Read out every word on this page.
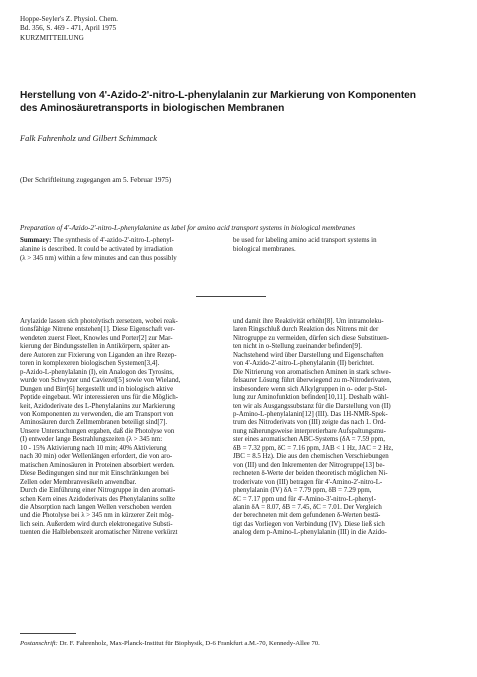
Hoppe-Seyler's Z. Physiol. Chem.
Bd. 356, S. 469 - 471, April 1975
KURZMITTEILUNG
Herstellung von 4'-Azido-2'-nitro-L-phenylalanin zur Markierung von Komponenten
des Aminosäuretransports in biologischen Membranen
Falk Fahrenholz und Gilbert Schimmack
(Der Schriftleitung zugegangen am 5. Februar 1975)
Preparation of 4'-Azido-2'-nitro-L-phenylalanine as label for amino acid transport systems in biological membranes
Summary: The synthesis of 4'-azido-2'-nitro-L-phenyl-
alanine is described. It could be activated by irradiation
(λ > 345 nm) within a few minutes and can thus possibly
be used for labeling amino acid transport systems in
biological membranes.
Arylazide lassen sich photolytisch zersetzen, wobei reak-
tionsfähige Nitrene entstehen[1]. Diese Eigenschaft ver-
wendeten zuerst Fleet, Knowles und Porter[2] zur Mar-
kierung der Bindungsstellen in Antikörpern, später an-
dere Autoren zur Fixierung von Liganden an ihre Rezep-
toren in komplexeren biologischen Systemen[3,4].
p-Azido-L-phenylalanin (I), ein Analogon des Tyrosins,
wurde von Schwyzer und Caviezel[5] sowie von Wieland,
Dungen und Birr[6] hergestellt und in biologisch aktive
Peptide eingebaut. Wir interessieren uns für die Möglich-
keit, Azidoderivate des L-Phenylalanins zur Markierung
von Komponenten zu verwenden, die am Transport von
Aminosäuren durch Zellmembranen beteiligt sind[7].
Unsere Untersuchungen ergaben, daß die Photolyse von
(I) entweder lange Bestrahlungszeiten (λ > 345 nm:
10 - 15% Aktivierung nach 10 min; 40% Aktivierung
nach 30 min) oder Wellenlängen erfordert, die von aro-
matischen Aminosäuren in Proteinen absorbiert werden.
Diese Bedingungen sind nur mit Einschränkungen bei
Zellen oder Membranvesikeln anwendbar.
Durch die Einführung einer Nitrogruppe in den aromati-
schen Kern eines Azidoderivats des Phenylalanins sollte
die Absorption nach langen Wellen verschoben werden
und die Photolyse bei λ > 345 nm in kürzerer Zeit mög-
lich sein. Außerdem wird durch elektronegative Substi-
tuenten die Halblebenszeit aromatischer Nitrene verkürzt
und damit ihre Reaktivität erhöht[8]. Um intramoleku-
laren Ringschluß durch Reaktion des Nitrens mit der
Nitrogruppe zu vermeiden, dürfen sich diese Substituen-
ten nicht in o-Stellung zueinander befinden[9].
Nachstehend wird über Darstellung und Eigenschaften
von 4'-Azido-2'-nitro-L-phenylalanin (II) berichtet.
Die Nitrierung von aromatischen Aminen in stark schwe-
felsaurer Lösung führt überwiegend zu m-Nitroderivaten,
insbesondere wenn sich Alkylgruppen in o- oder p-Stel-
lung zur Aminofunktion befinden[10,11]. Deshalb wähl-
ten wir als Ausgangssubstanz für die Darstellung von (II)
p-Amino-L-phenylalanin[12] (III). Das 1H-NMR-Spek-
trum des Nitroderivats von (III) zeigte das nach 1. Ord-
nung näherungsweise interpretierbare Aufspaltungsmu-
ster eines aromatischen ABC-Systems (δA = 7.59 ppm,
δB = 7.32 ppm, δC = 7.16 ppm, JAB < 1 Hz, JAC = 2 Hz,
JBC = 8.5 Hz). Die aus den chemischen Verschiebungen
von (III) und den Inkrementen der Nitrogruppe[13] be-
rechneten δ-Werte der beiden theoretisch möglichen Ni-
troderivate von (III) betragen für 4'-Amino-2'-nitro-L-
phenylalanin (IV) δA = 7.79 ppm, δB = 7.29 ppm,
δC = 7.17 ppm und für 4'-Amino-3'-nitro-L-phenyl-
alanin δA = 8.07, δB = 7.45, δC = 7.01. Der Vergleich
der berechneten mit dem gefundenen δ-Werten bestä-
tigt das Vorliegen von Verbindung (IV). Diese ließ sich
analog dem p-Amino-L-phenylalanin (III) in die Azido-
Postanschrift: Dr. F. Fahrenholz, Max-Planck-Institut für Biophysik, D-6 Frankfurt a.M.-70, Kennedy-Allee 70.
